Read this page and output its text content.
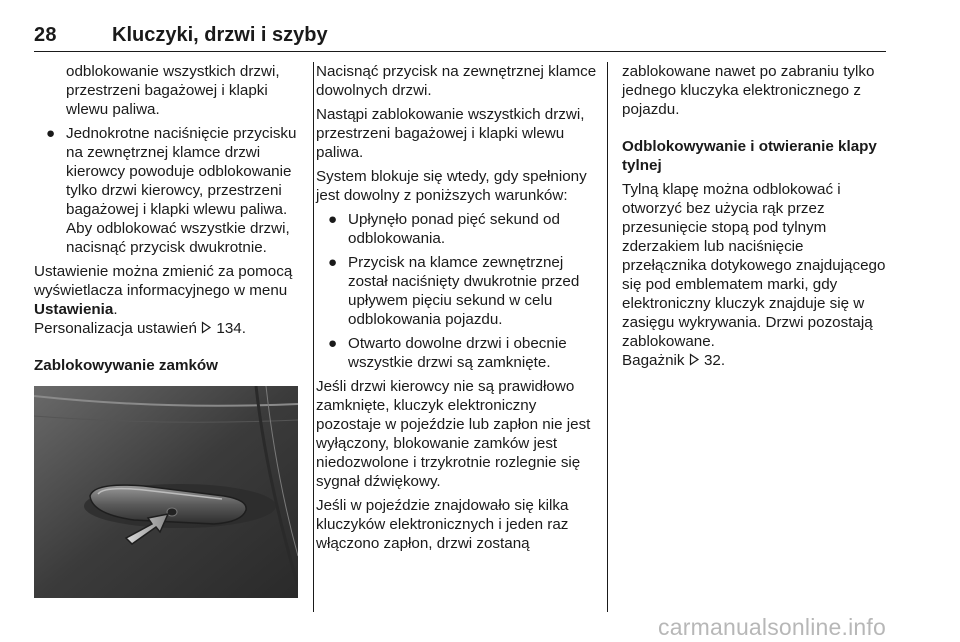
28	Kluczyki, drzwi i szyby

odblokowanie wszystkich drzwi, przestrzeni bagażowej i klapki wlewu paliwa.

● Jednokrotne naciśnięcie przycisku na zewnętrznej klamce drzwi kierowcy powoduje odblokowanie tylko drzwi kierowcy, przestrzeni bagażowej i klapki wlewu paliwa. Aby odblokować wszystkie drzwi, nacisnąć przycisk dwukrotnie.

Ustawienie można zmienić za pomocą wyświetlacza informacyjnego w menu Ustawienia.
Personalizacja ustawień 134.

Zablokowywanie zamków

Nacisnąć przycisk na zewnętrznej klamce dowolnych drzwi.

Nastąpi zablokowanie wszystkich drzwi, przestrzeni bagażowej i klapki wlewu paliwa.

System blokuje się wtedy, gdy spełniony jest dowolny z poniższych warunków:

● Upłynęło ponad pięć sekund od odblokowania.
● Przycisk na klamce zewnętrznej został naciśnięty dwukrotnie przed upływem pięciu sekund w celu odblokowania pojazdu.
● Otwarto dowolne drzwi i obecnie wszystkie drzwi są zamknięte.

Jeśli drzwi kierowcy nie są prawidłowo zamknięte, kluczyk elektroniczny pozostaje w pojeździe lub zapłon nie jest wyłączony, blokowanie zamków jest niedozwolone i trzykrotnie rozlegnie się sygnał dźwiękowy.

Jeśli w pojeździe znajdowało się kilka kluczyków elektronicznych i jeden raz włączono zapłon, drzwi zostaną

zablokowane nawet po zabraniu tylko jednego kluczyka elektronicznego z pojazdu.

Odblokowywanie i otwieranie klapy tylnej

Tylną klapę można odblokować i otworzyć bez użycia rąk przez przesunięcie stopą pod tylnym zderzakiem lub naciśnięcie przełącznika dotykowego znajdującego się pod emblematem marki, gdy elektroniczny kluczyk znajduje się w zasięgu wykrywania. Drzwi pozostają zablokowane.
Bagażnik 32.

carmanualsonline.info
